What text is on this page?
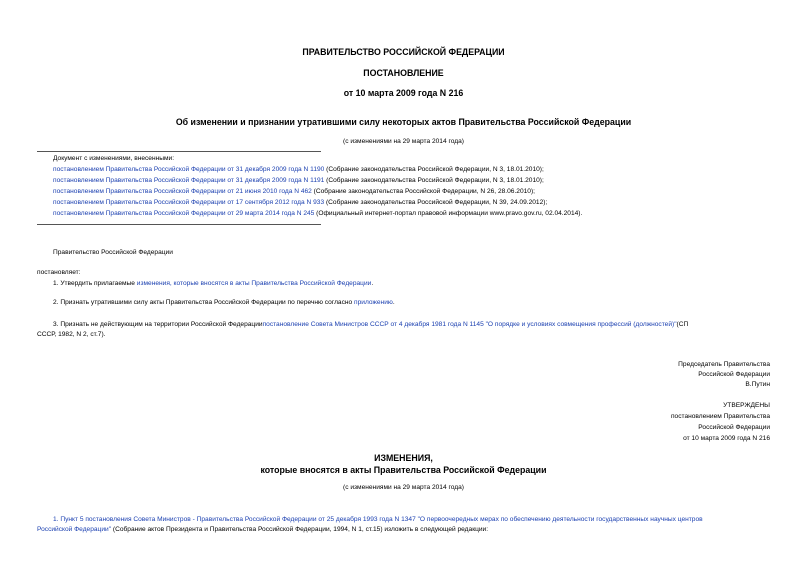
ПРАВИТЕЛЬСТВО РОССИЙСКОЙ ФЕДЕРАЦИИ
ПОСТАНОВЛЕНИЕ
от 10 марта 2009 года N 216
Об изменении и признании утратившими силу некоторых актов Правительства Российской Федерации
(с изменениями на 29 марта 2014 года)
Документ с изменениями, внесенными:
постановлением Правительства Российской Федерации от 31 декабря 2009 года N 1190 (Собрание законодательства Российской Федерации, N 3, 18.01.2010);
постановлением Правительства Российской Федерации от 31 декабря 2009 года N 1191 (Собрание законодательства Российской Федерации, N 3, 18.01.2010);
постановлением Правительства Российской Федерации от 21 июня 2010 года N 462 (Собрание законодательства Российской Федерации, N 26, 28.06.2010);
постановлением Правительства Российской Федерации от 17 сентября 2012 года N 933 (Собрание законодательства Российской Федерации, N 39, 24.09.2012);
постановлением Правительства Российской Федерации от 29 марта 2014 года N 245 (Официальный интернет-портал правовой информации www.pravo.gov.ru, 02.04.2014).
Правительство Российской Федерации
постановляет:
1. Утвердить прилагаемые изменения, которые вносятся в акты Правительства Российской Федерации.
2. Признать утратившими силу акты Правительства Российской Федерации по перечню согласно приложению.
3. Признать не действующим на территории Российской Федерациипостановление Совета Министров СССР от 4 декабря 1981 года N 1145 "О порядке и условиях совмещения профессий (должностей)"(СП
СССР, 1982, N 2, ст.7).
Председатель Правительства
Российской Федерации
В.Путин
УТВЕРЖДЕНЫ
постановлением Правительства
Российской Федерации
от 10 марта 2009 года N 216
ИЗМЕНЕНИЯ,
которые вносятся в акты Правительства Российской Федерации
(с изменениями на 29 марта 2014 года)
1. Пункт 5 постановления Совета Министров - Правительства Российской Федерации от 25 декабря 1993 года N 1347 "О первоочередных мерах по обеспечению деятельности государственных научных центров
Российской Федерации" (Собрание актов Президента и Правительства Российской Федерации, 1994, N 1, ст.15) изложить в следующей редакции:
